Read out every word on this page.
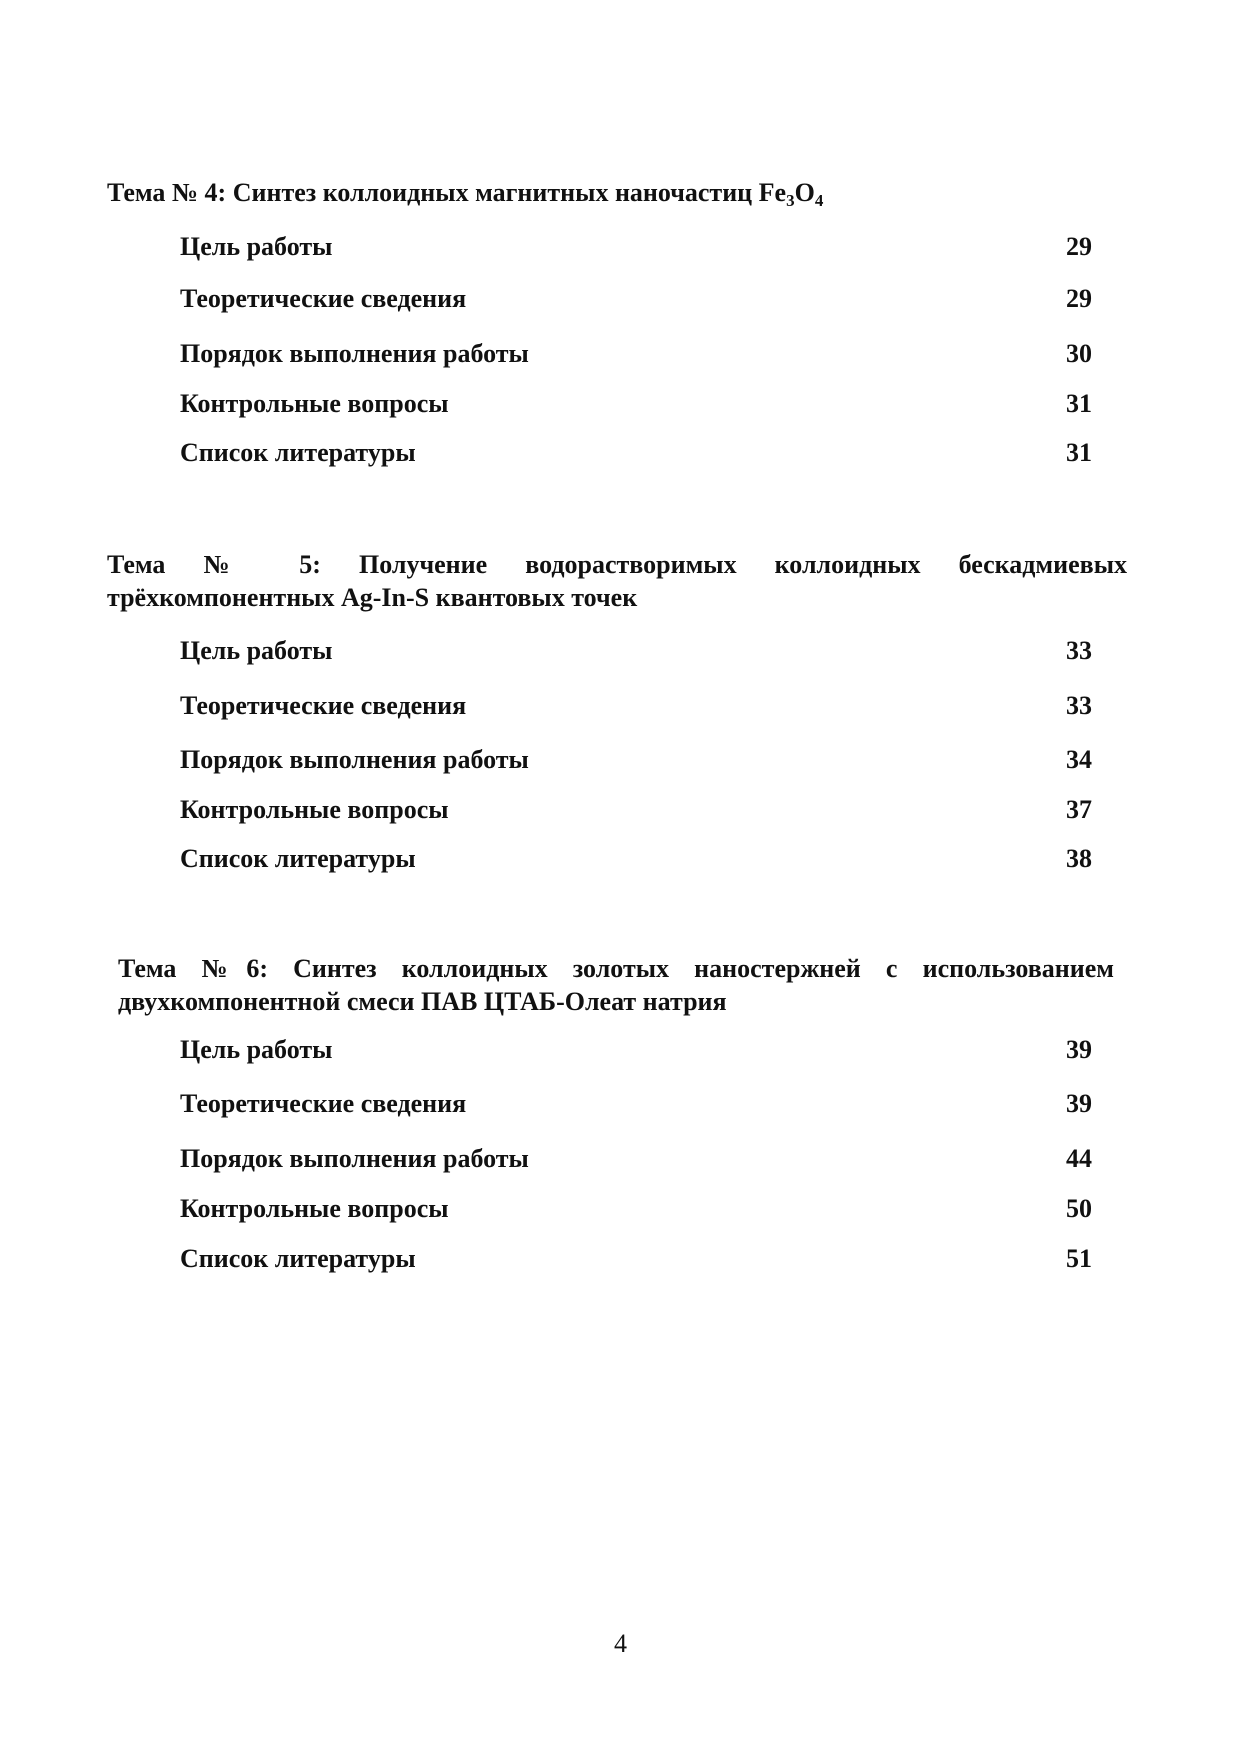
Тема № 4: Синтез коллоидных магнитных наночастиц $Fe_3O_4$
Цель работы	29
Теоретические сведения	29
Порядок выполнения работы	30
Контрольные вопросы	31
Список литературы	31
Тема № 5: Получение водорастворимых коллоидных бескадмиевых трёхкомпонентных Ag-In-S квантовых точек
Цель работы	33
Теоретические сведения	33
Порядок выполнения работы	34
Контрольные вопросы	37
Список литературы	38
Тема №6: Синтез коллоидных золотых наностержней с использованием двухкомпонентной смеси ПАВ ЦТАБ-Олеат натрия
Цель работы	39
Теоретические сведения	39
Порядок выполнения работы	44
Контрольные вопросы	50
Список литературы	51
4
